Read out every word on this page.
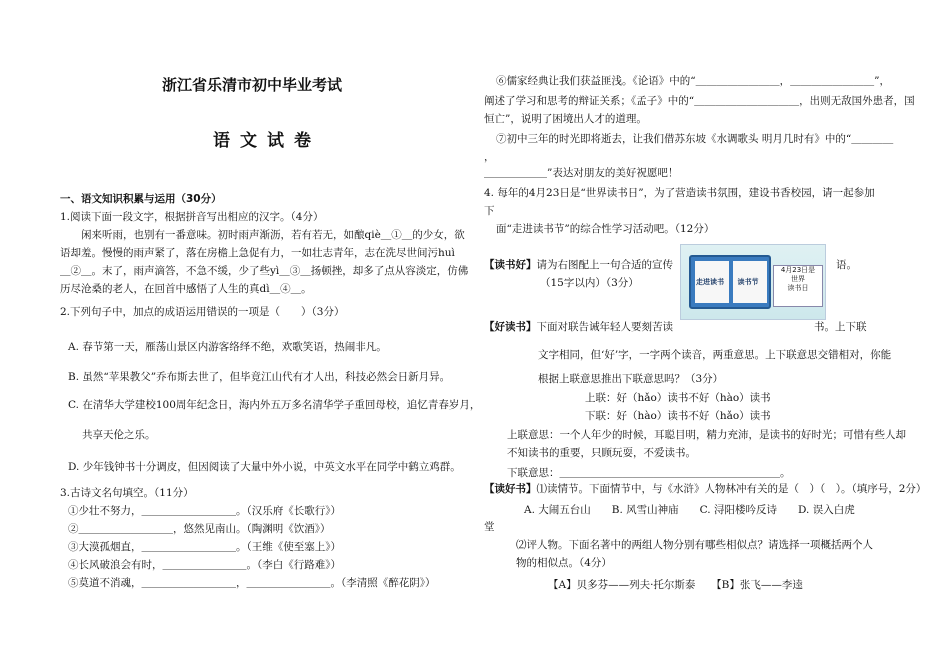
浙江省乐清市初中毕业考试
语文试卷
一、语文知识积累与运用（30分）
1.阅读下面一段文字，根据拼音写出相应的汉字。（4分）
　　闲来听雨，也别有一番意味。初时雨声渐沥，若有若无，如酿qiè＿①＿的少女，欲
语却羞。慢慢的雨声紧了，落在房檐上急促有力，一如壮志青年，志在洗尽世间污huì
＿②＿。末了，雨声滴答，不急不缓，少了些yì＿③＿扬顿挫，却多了点从容淡定，仿佛
历尽沧桑的老人，在回首中感悟了人生的真dì＿④＿。
2.下列句子中，加点的成语运用错误的一项是（　　）（3分）
A. 春节第一天，雁荡山景区内游客络绎不绝，欢歌笑语，热闹非凡。
B. 虽然“苹果教父”乔布斯去世了，但毕竟江山代有才人出，科技必然会日新月异。
C. 在清华大学建校100周年纪念日，海内外五万多名清华学子重回母校，追忆青春岁月，
共享天伦之乐。
D. 少年钱钟书十分调皮，但因阅读了大量中外小说，中英文水平在同学中鹤立鸡群。
3.古诗文名句填空。（11分）
①少壮不努力，＿＿＿＿＿＿＿＿＿。（汉乐府《长歌行》）
②＿＿＿＿＿＿＿＿＿，悠然见南山。（陶渊明《饮酒》）
③大漠孤烟直，＿＿＿＿＿＿＿＿＿。（王维《使至塞上》）
④长风破浪会有时，＿＿＿＿＿＿＿＿。（李白《行路难》）
⑤莫道不消魂，＿＿＿＿＿＿＿＿＿，＿＿＿＿＿＿＿＿。（李清照《醉花阴》）
⑥儒家经典让我们获益匪浅。《论语》中的“＿＿＿＿＿＿＿＿，＿＿＿＿＿＿＿＿”，
阐述了学习和思考的辩证关系；《孟子》中的“＿＿＿＿＿＿＿＿＿＿，出则无敌国外患者，国
恒亡”，说明了困境出人才的道理。
⑦初中三年的时光即将逝去，让我们借苏东坡《水调歌头 明月几时有》中的“＿＿＿＿
，
＿＿＿＿＿＿”表达对朋友的美好祝愿吧！
4. 每年的4月23日是“世界读书日”，为了营造读书氛围，建设书香校园，请一起参加
下
面“走进读书节”的综合性学习活动吧。（12分）
【读书好】请为右图配上一句合适的宣传	语。
（15字以内）（3分）	走进读书	读书节
4月23日是
世界
读书日
【好读书】下面对联告诫年轻人要刻苦读	书。上下联
文字相同，但‘好’字，一字两个读音，两重意思。上下联意思交错相对，你能
根据上联意思推出下联意思吗？（3分）
上联：好（hǎo）读书不好（hào）读书
下联：好（hào）读书不好（hǎo）读书
上联意思：一个人年少的时候，耳聪目明，精力充沛，是读书的好时光；可惜有些人却
不知读书的重要，只顾玩耍，不爱读书。
下联意思：＿＿＿＿＿＿＿＿＿＿＿＿＿＿＿＿＿＿＿＿＿。
【读好书】⑴读情节。下面情节中，与《水浒》人物林冲有关的是（　）（　）。（填序号，2分）
A. 大闹五台山　　B. 风雪山神庙　　C. 浔阳楼吟反诗　　D. 误入白虎
堂
⑵评人物。下面名著中的两组人物分别有哪些相似点？请选择一项概括两个人
物的相似点。（4分）
【A】贝多芬——列夫·托尔斯泰　　【B】张飞——李逵
